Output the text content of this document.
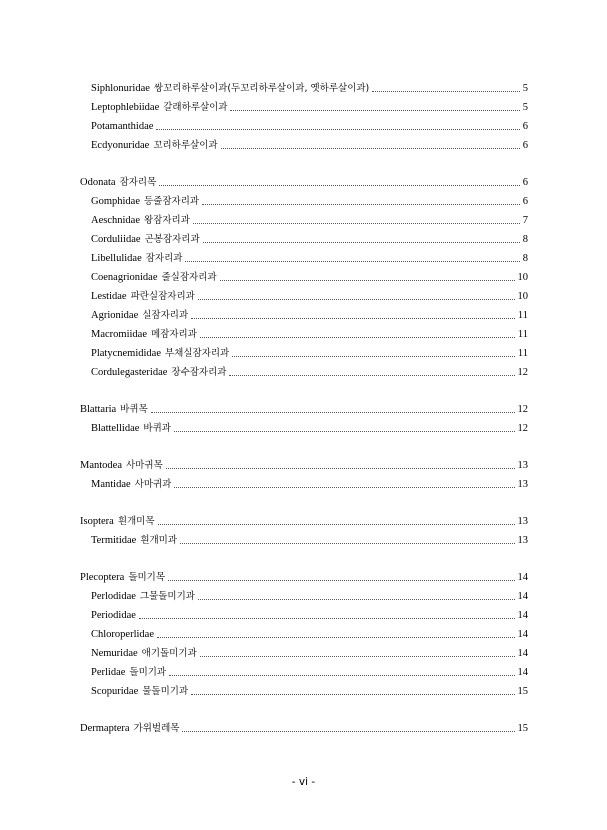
Siphlonuridae 쌍꼬리하루살이과(두꼬리하루살이과, 옛하루살이과)	5
Leptophlebiidae 갈래하루살이과	5
Potamanthidae	6
Ecdyonuridae 꼬리하루살이과	6
Odonata 잠자리목	6
Gomphidae 등줄잠자리과	6
Aeschnidae 왕잠자리과	7
Corduliidae 곤봉잠자리과	8
Libellulidae 잠자리과	8
Coenagrionidae 줄실잠자리과	10
Lestidae 파란실잠자리과	10
Agrionidae 실잠자리과	11
Macromiidae 메잠자리과	11
Platycnemididae 부채실잠자리과	11
Cordulegasteridae 장수잠자리과	12
Blattaria 바퀴목	12
Blattellidae 바퀴과	12
Mantodea 사마귀목	13
Mantidae 사마귀과	13
Isoptera 흰개미목	13
Termitidae 흰개미과	13
Plecoptera 돌미기목	14
Perlodidae 그물돌미기과	14
Periodidae	14
Chloroperlidae	14
Nemuridae 애기돌미기과	14
Perlidae 돌미기과	14
Scopuridae 물돌미기과	15
Dermaptera 가위벌레목	15
- vi -
